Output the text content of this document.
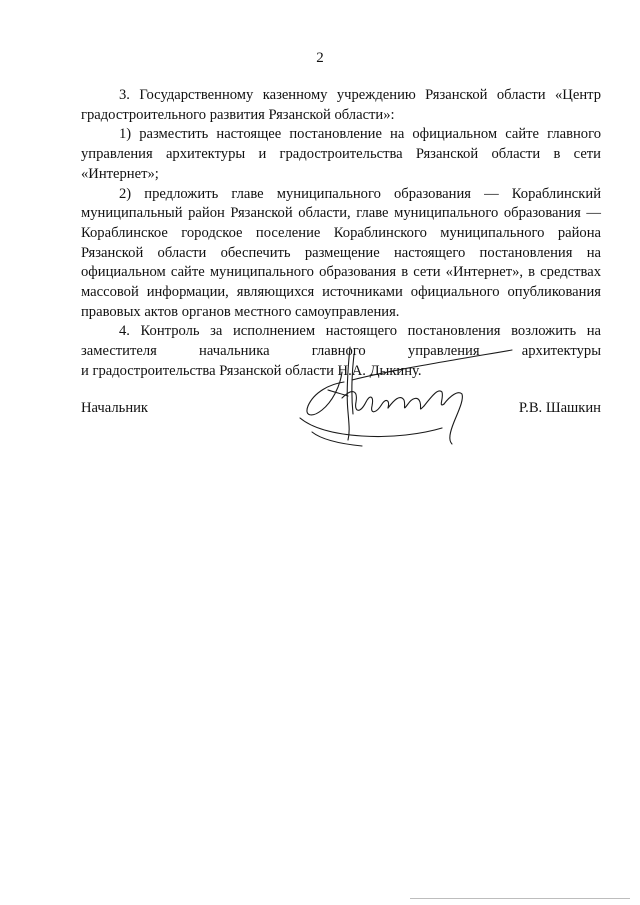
2

3. Государственному казенному учреждению Рязанской области «Центр градостроительного развития Рязанской области»:

1) разместить настоящее постановление на официальном сайте главного управления архитектуры и градостроительства Рязанской области в сети «Интернет»;

2) предложить главе муниципального образования — Кораблинский муниципальный район Рязанской области, главе муниципального образования — Кораблинское городское поселение Кораблинского муниципального района Рязанской области обеспечить размещение настоящего постановления на официальном сайте муниципального образования в сети «Интернет», в средствах массовой информации, являющихся источниками официального опубликования правовых актов органов местного самоуправления.

4. Контроль за исполнением настоящего постановления возложить на заместителя начальника главного управления архитектуры

и градостроительства Рязанской области Н.А. Дыкину.

Начальник	Р.В. Шашкин
